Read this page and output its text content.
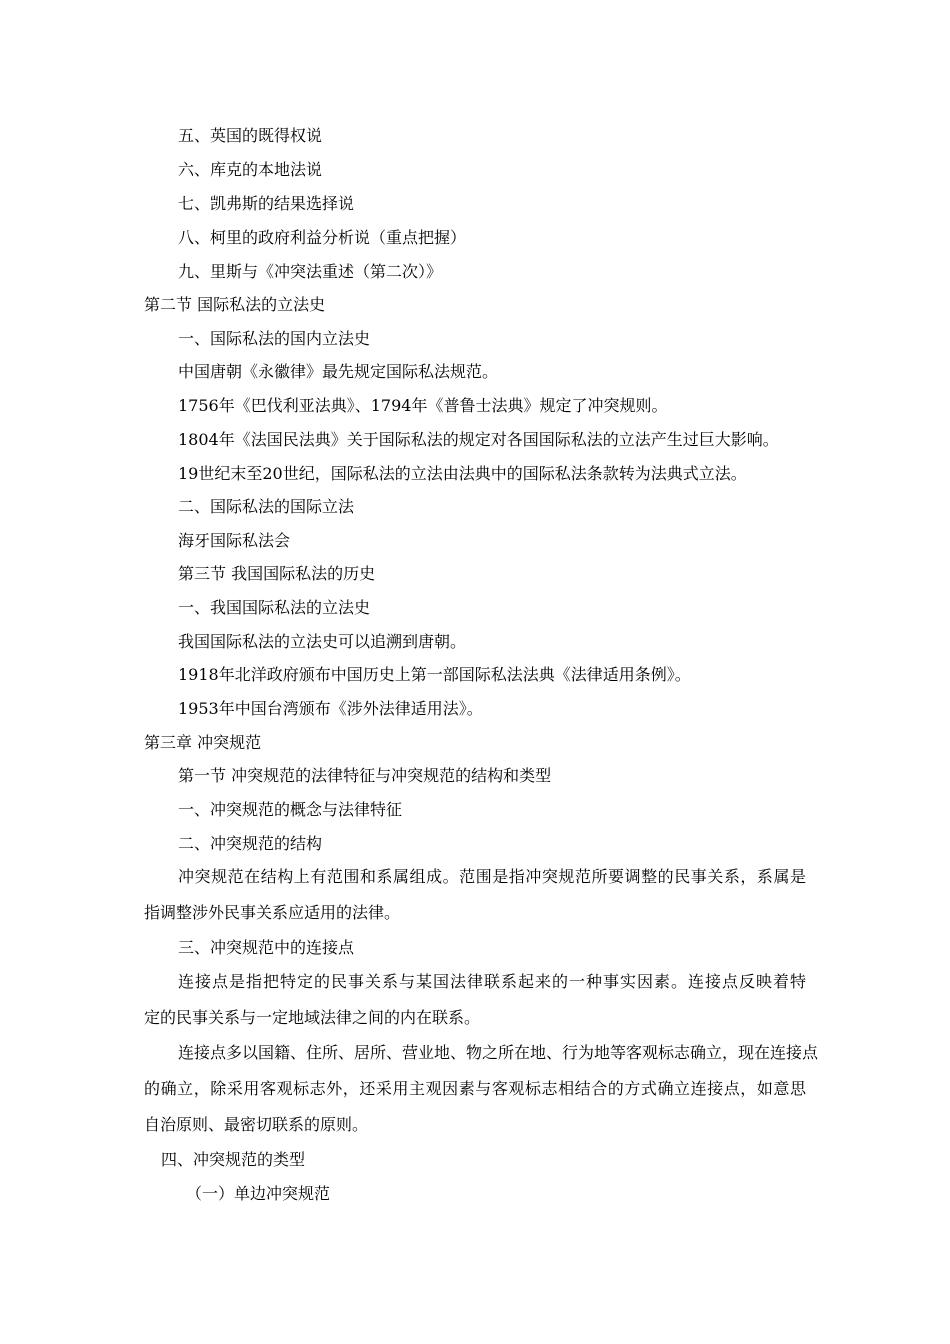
五、英国的既得权说
六、库克的本地法说
七、凯弗斯的结果选择说
八、柯里的政府利益分析说（重点把握）
九、里斯与《冲突法重述（第二次）》
第二节 国际私法的立法史
一、国际私法的国内立法史
中国唐朝《永徽律》最先规定国际私法规范。
1756年《巴伐利亚法典》、1794年《普鲁士法典》规定了冲突规则。
1804年《法国民法典》关于国际私法的规定对各国国际私法的立法产生过巨大影响。
19世纪末至20世纪，国际私法的立法由法典中的国际私法条款转为法典式立法。
二、国际私法的国际立法
海牙国际私法会
第三节 我国国际私法的历史
一、我国国际私法的立法史
我国国际私法的立法史可以追溯到唐朝。
1918年北洋政府颁布中国历史上第一部国际私法法典《法律适用条例》。
1953年中国台湾颁布《涉外法律适用法》。
第三章 冲突规范
第一节 冲突规范的法律特征与冲突规范的结构和类型
一、冲突规范的概念与法律特征
二、冲突规范的结构
冲突规范在结构上有范围和系属组成。范围是指冲突规范所要调整的民事关系，系属是
指调整涉外民事关系应适用的法律。
三、冲突规范中的连接点
连接点是指把特定的民事关系与某国法律联系起来的一种事实因素。连接点反映着特
定的民事关系与一定地域法律之间的内在联系。
连接点多以国籍、住所、居所、营业地、物之所在地、行为地等客观标志确立，现在连接点
的确立，除采用客观标志外，还采用主观因素与客观标志相结合的方式确立连接点，如意思
自治原则、最密切联系的原则。
四、冲突规范的类型
（一）单边冲突规范
